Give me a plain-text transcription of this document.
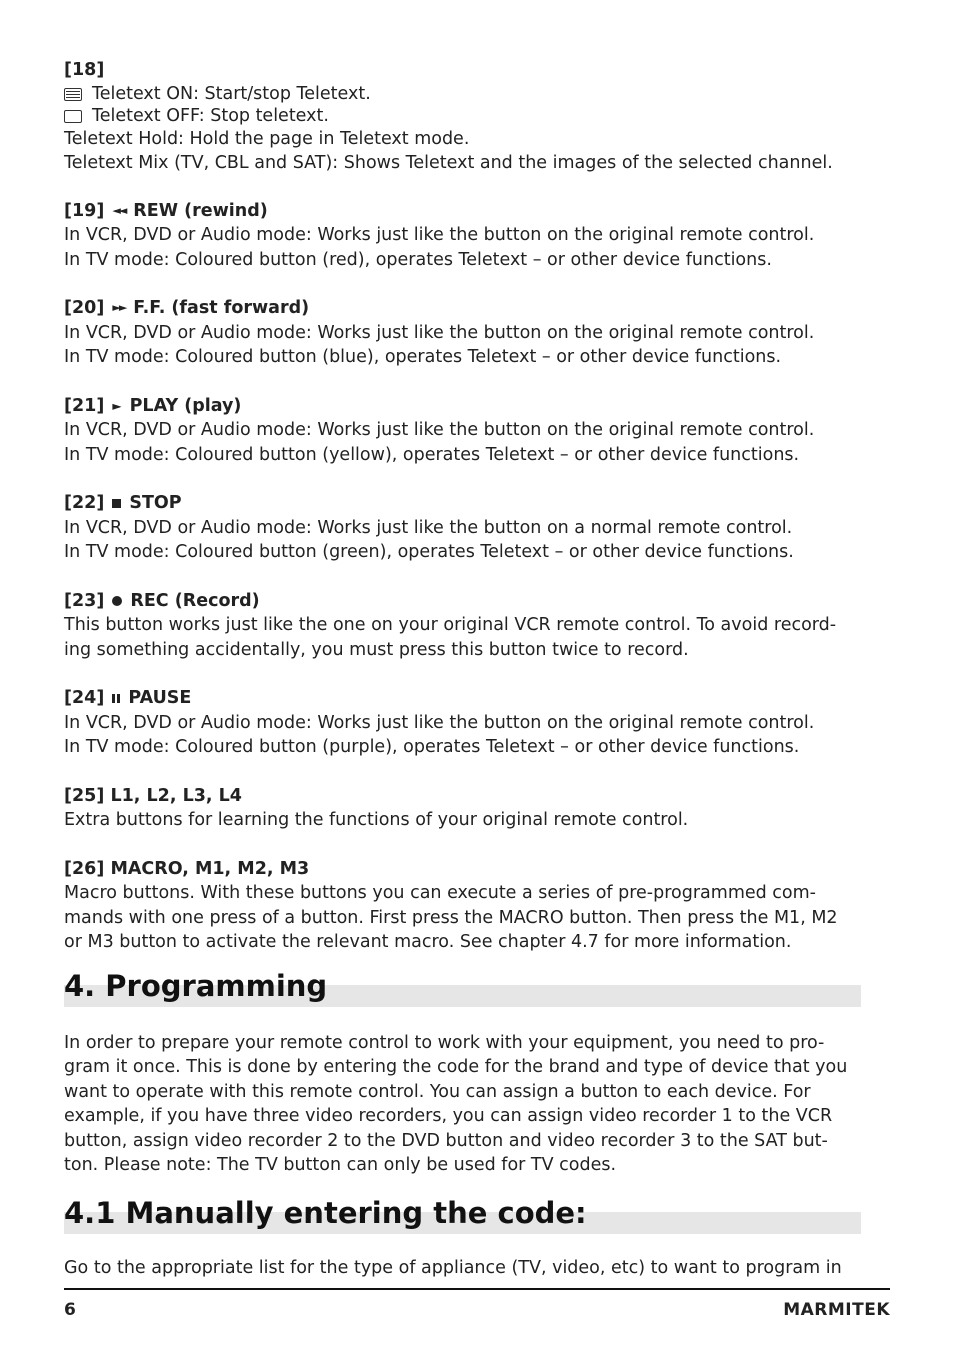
[18]

Teletext ON: Start/stop Teletext.

Teletext OFF: Stop teletext.

Teletext Hold: Hold the page in Teletext mode.

Teletext Mix (TV, CBL and SAT): Shows Teletext and the images of the selected channel.

[19] ◄◄ REW (rewind)

In VCR, DVD or Audio mode: Works just like the button on the original remote control.

In TV mode: Coloured button (red), operates Teletext – or other device functions.

[20] ►► F.F. (fast forward)

In VCR, DVD or Audio mode: Works just like the button on the original remote control.

In TV mode: Coloured button (blue), operates Teletext – or other device functions.

[21] ► PLAY (play)

In VCR, DVD or Audio mode: Works just like the button on the original remote control.

In TV mode: Coloured button (yellow), operates Teletext – or other device functions.

[22] STOP

In VCR, DVD or Audio mode: Works just like the button on a normal remote control.

In TV mode: Coloured button (green), operates Teletext – or other device functions.

[23] REC (Record)

This button works just like the one on your original VCR remote control. To avoid record-

ing something accidentally, you must press this button twice to record.

[24] PAUSE

In VCR, DVD or Audio mode: Works just like the button on the original remote control.

In TV mode: Coloured button (purple), operates Teletext – or other device functions.

[25] L1, L2, L3, L4

Extra buttons for learning the functions of your original remote control.

[26] MACRO, M1, M2, M3

Macro buttons. With these buttons you can execute a series of pre-programmed com-

mands with one press of a button. First press the MACRO button. Then press the M1, M2

or M3 button to activate the relevant macro. See chapter 4.7 for more information.

4. Programming

In order to prepare your remote control to work with your equipment, you need to pro-

gram it once. This is done by entering the code for the brand and type of device that you

want to operate with this remote control. You can assign a button to each device. For

example, if you have three video recorders, you can assign video recorder 1 to the VCR

button, assign video recorder 2 to the DVD button and video recorder 3 to the SAT but-

ton. Please note: The TV button can only be used for TV codes.

4.1 Manually entering the code:

Go to the appropriate list for the type of appliance (TV, video, etc) to want to program in

6	MARMITEK
